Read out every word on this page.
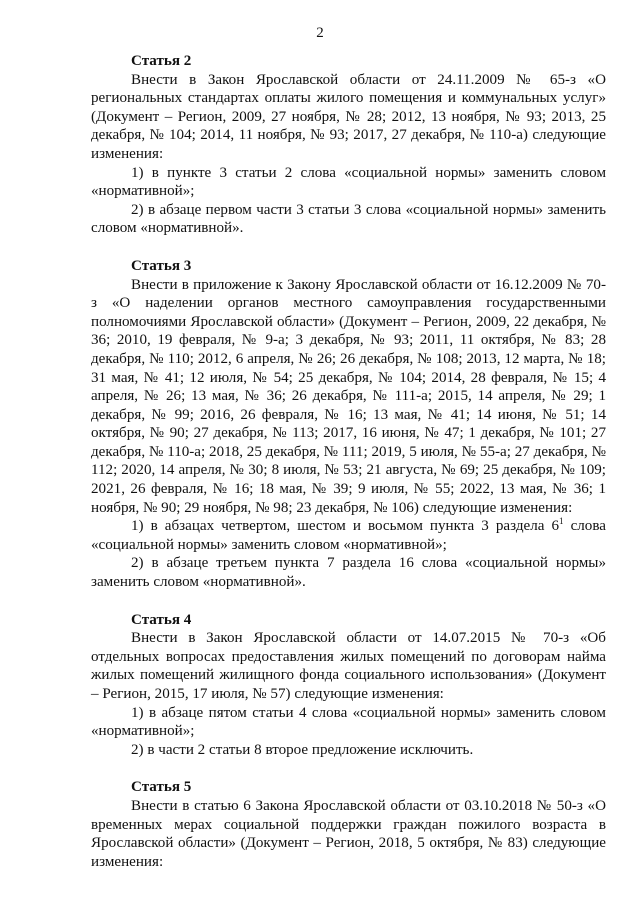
2
Статья 2

Внести в Закон Ярославской области от 24.11.2009 № 65-з «О региональных стандартах оплаты жилого помещения и коммунальных услуг» (Документ – Регион, 2009, 27 ноября, № 28; 2012, 13 ноября, № 93; 2013, 25 декабря, № 104; 2014, 11 ноября, № 93; 2017, 27 декабря, № 110-а) следующие изменения:

1) в пункте 3 статьи 2 слова «социальной нормы» заменить словом «нормативной»;

2) в абзаце первом части 3 статьи 3 слова «социальной нормы» заменить словом «нормативной».

Статья 3

Внести в приложение к Закону Ярославской области от 16.12.2009 № 70-з «О наделении органов местного самоуправления государственными полномочиями Ярославской области» (Документ – Регион, 2009, 22 декабря, № 36; 2010, 19 февраля, № 9-а; 3 декабря, № 93; 2011, 11 октября, № 83; 28 декабря, № 110; 2012, 6 апреля, № 26; 26 декабря, № 108; 2013, 12 марта, № 18; 31 мая, № 41; 12 июля, № 54; 25 декабря, № 104; 2014, 28 февраля, № 15; 4 апреля, № 26; 13 мая, № 36; 26 декабря, № 111-а; 2015, 14 апреля, № 29; 1 декабря, № 99; 2016, 26 февраля, № 16; 13 мая, № 41; 14 июня, № 51; 14 октября, № 90; 27 декабря, № 113; 2017, 16 июня, № 47; 1 декабря, № 101; 27 декабря, № 110-а; 2018, 25 декабря, № 111; 2019, 5 июля, № 55-а; 27 декабря, № 112; 2020, 14 апреля, № 30; 8 июля, № 53; 21 августа, № 69; 25 декабря, № 109; 2021, 26 февраля, № 16; 18 мая, № 39; 9 июля, № 55; 2022, 13 мая, № 36; 1 ноября, № 90; 29 ноября, № 98; 23 декабря, № 106) следующие изменения:

1) в абзацах четвертом, шестом и восьмом пункта 3 раздела $6^1$ слова «социальной нормы» заменить словом «нормативной»;

2) в абзаце третьем пункта 7 раздела 16 слова «социальной нормы» заменить словом «нормативной».

Статья 4

Внести в Закон Ярославской области от 14.07.2015 № 70-з «Об отдельных вопросах предоставления жилых помещений по договорам найма жилых помещений жилищного фонда социального использования» (Документ – Регион, 2015, 17 июля, № 57) следующие изменения:

1) в абзаце пятом статьи 4 слова «социальной нормы» заменить словом «нормативной»;

2) в части 2 статьи 8 второе предложение исключить.

Статья 5

Внести в статью 6 Закона Ярославской области от 03.10.2018 № 50-з «О временных мерах социальной поддержки граждан пожилого возраста в Ярославской области» (Документ – Регион, 2018, 5 октября, № 83) следующие изменения:
